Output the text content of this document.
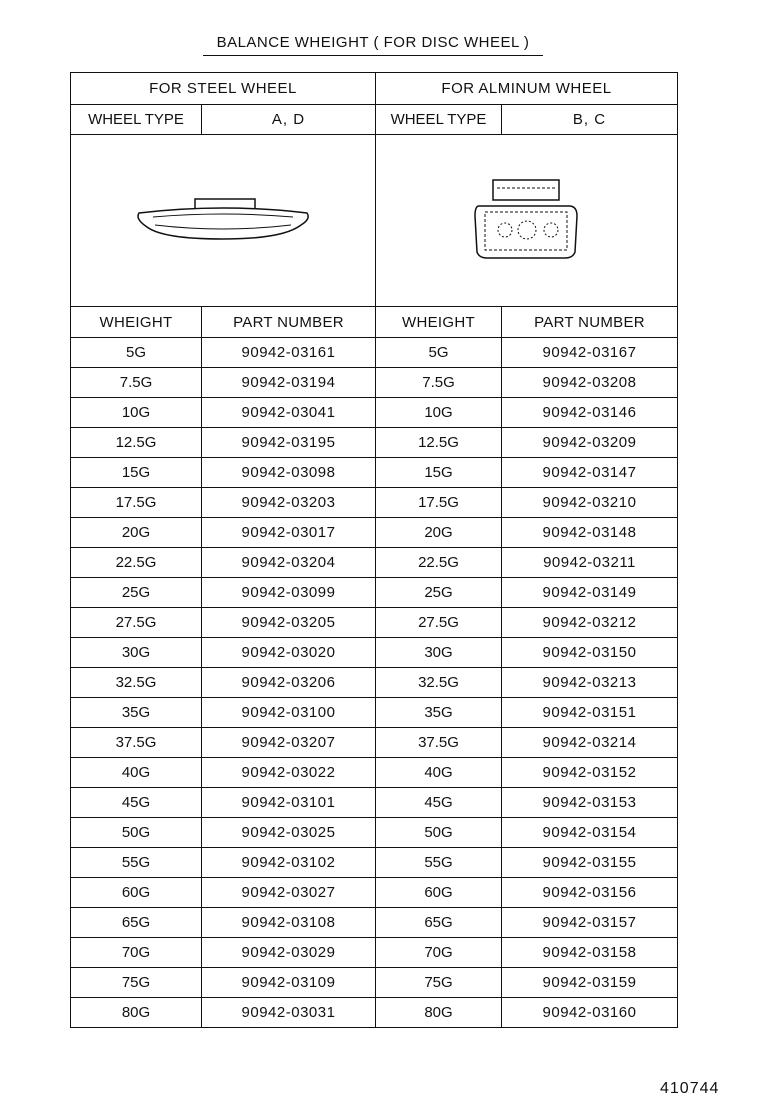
BALANCE WHEIGHT ( FOR DISC WHEEL )
FOR STEEL WHEEL		FOR ALMINUM WHEEL	
WHEEL TYPE	A, D	WHEEL TYPE	B, C

WHEIGHT	PART NUMBER	WHEIGHT	PART NUMBER
5G	90942-03161	5G	90942-03167
7.5G	90942-03194	7.5G	90942-03208
10G	90942-03041	10G	90942-03146
12.5G	90942-03195	12.5G	90942-03209
15G	90942-03098	15G	90942-03147
17.5G	90942-03203	17.5G	90942-03210
20G	90942-03017	20G	90942-03148
22.5G	90942-03204	22.5G	90942-03211
25G	90942-03099	25G	90942-03149
27.5G	90942-03205	27.5G	90942-03212
30G	90942-03020	30G	90942-03150
32.5G	90942-03206	32.5G	90942-03213
35G	90942-03100	35G	90942-03151
37.5G	90942-03207	37.5G	90942-03214
40G	90942-03022	40G	90942-03152
45G	90942-03101	45G	90942-03153
50G	90942-03025	50G	90942-03154
55G	90942-03102	55G	90942-03155
60G	90942-03027	60G	90942-03156
65G	90942-03108	65G	90942-03157
70G	90942-03029	70G	90942-03158
75G	90942-03109	75G	90942-03159
80G	90942-03031	80G	90942-03160
410744
